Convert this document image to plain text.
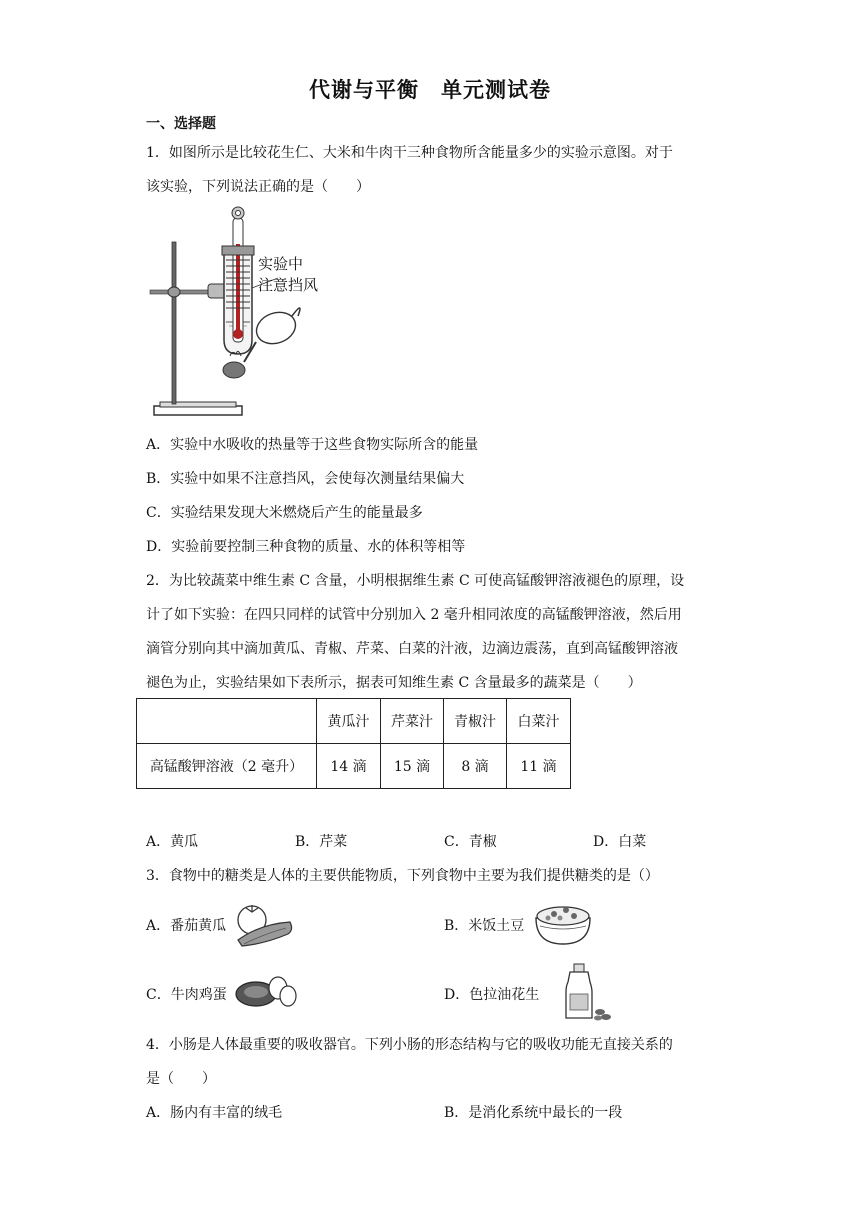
代谢与平衡　单元测试卷
一、选择题
1．如图所示是比较花生仁、大米和牛肉干三种食物所含能量多少的实验示意图。对于
该实验，下列说法正确的是（　　）
实验中
注意挡风
A．实验中水吸收的热量等于这些食物实际所含的能量
B．实验中如果不注意挡风，会使每次测量结果偏大
C．实验结果发现大米燃烧后产生的能量最多
D．实验前要控制三种食物的质量、水的体积等相等
2．为比较蔬菜中维生素 C 含量，小明根据维生素 C 可使高锰酸钾溶液褪色的原理，设
计了如下实验：在四只同样的试管中分别加入 2 毫升相同浓度的高锰酸钾溶液，然后用
滴管分别向其中滴加黄瓜、青椒、芹菜、白菜的汁液，边滴边震荡，直到高锰酸钾溶液
褪色为止，实验结果如下表所示，据表可知维生素 C 含量最多的蔬菜是（　　）
	黄瓜汁	芹菜汁	青椒汁	白菜汁
高锰酸钾溶液（2 毫升）	14 滴	15 滴	8 滴	11 滴
A．黄瓜	B．芹菜	C．青椒	D．白菜
3．食物中的糖类是人体的主要供能物质，下列食物中主要为我们提供糖类的是（）
A．番茄黄瓜	B．米饭土豆
C．牛肉鸡蛋	D．色拉油花生
4．小肠是人体最重要的吸收器官。下列小肠的形态结构与它的吸收功能无直接关系的
是（　　）
A．肠内有丰富的绒毛	B．是消化系统中最长的一段
